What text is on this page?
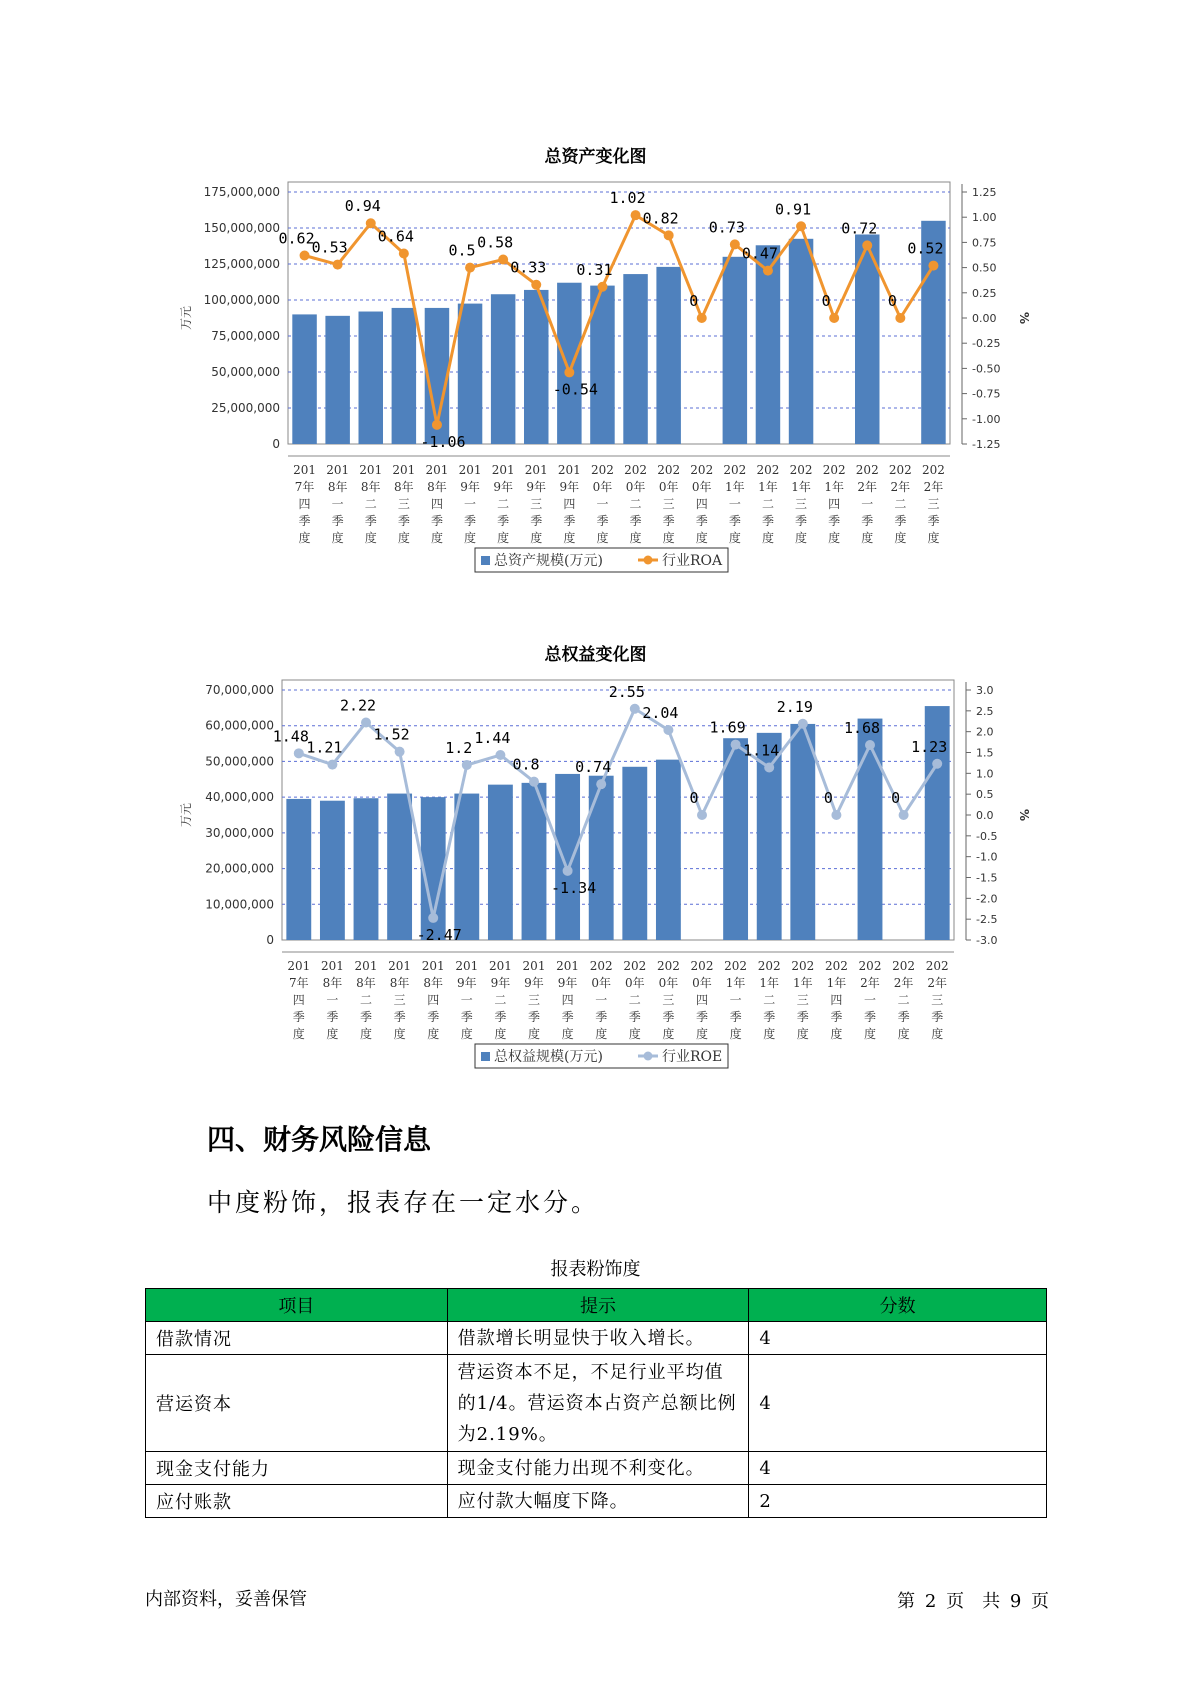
总资产变化图
0
25,000,000
50,000,000
75,000,000
100,000,000
125,000,000
150,000,000
175,000,000
万元
-1.25
-1.00
-0.75
-0.50
-0.25
0.00
0.25
0.50
0.75
1.00
1.25
%
0.62
0.53
0.94
0.64
-1.06
0.5 0.58
0.33
-0.54
0.31
1.02
0.82
0
0.73
0.47
0.91
0
0.72
0
0.52
201
7年
四
季
度
201
8年
一
季
度
201
8年
二
季
度
201
8年
三
季
度
201
8年
四
季
度
201
9年
一
季
度
201
9年
二
季
度
201
9年
三
季
度
201
9年
四
季
度
202
0年
一
季
度
202
0年
二
季
度
202
0年
三
季
度
202
0年
四
季
度
202
1年
一
季
度
202
1年
二
季
度
202
1年
三
季
度
202
1年
四
季
度
202
2年
一
季
度
202
2年
二
季
度
202
2年
三
季
度
总资产规模(万元)	行业ROA
总权益变化图
0
10,000,000
20,000,000
30,000,000
40,000,000
50,000,000
60,000,000
70,000,000
万元
-3.0
-2.5
-2.0
-1.5
-1.0
-0.5
0.0
0.5
1.0
1.5
2.0
2.5
3.0
%
1.48
1.21
2.22
1.52
-2.47
1.2
1.44
0.8
-1.34
0.74
2.55
2.04
0
1.69
1.14
2.19
0
1.68
0
1.23
201
7年
四
季
度
201
8年
一
季
度
201
8年
二
季
度
201
8年
三
季
度
201
8年
四
季
度
201
9年
一
季
度
201
9年
二
季
度
201
9年
三
季
度
201
9年
四
季
度
202
0年
一
季
度
202
0年
二
季
度
202
0年
三
季
度
202
0年
四
季
度
202
1年
一
季
度
202
1年
二
季
度
202
1年
三
季
度
202
1年
四
季
度
202
2年
一
季
度
202
2年
二
季
度
202
2年
三
季
度
总权益规模(万元)	行业ROE
四、财务风险信息

中度粉饰，报表存在一定水分。

报表粉饰度
项目	提示	分数
借款情况	借款增长明显快于收入增长。	4
营运资本	营运资本不足，不足行业平均值的1/4。营运资本占资产总额比例为2.19%。	4
现金支付能力	现金支付能力出现不利变化。	4
应付账款	应付款大幅度下降。	2
内部资料，妥善保管	第 2 页　共 9 页
